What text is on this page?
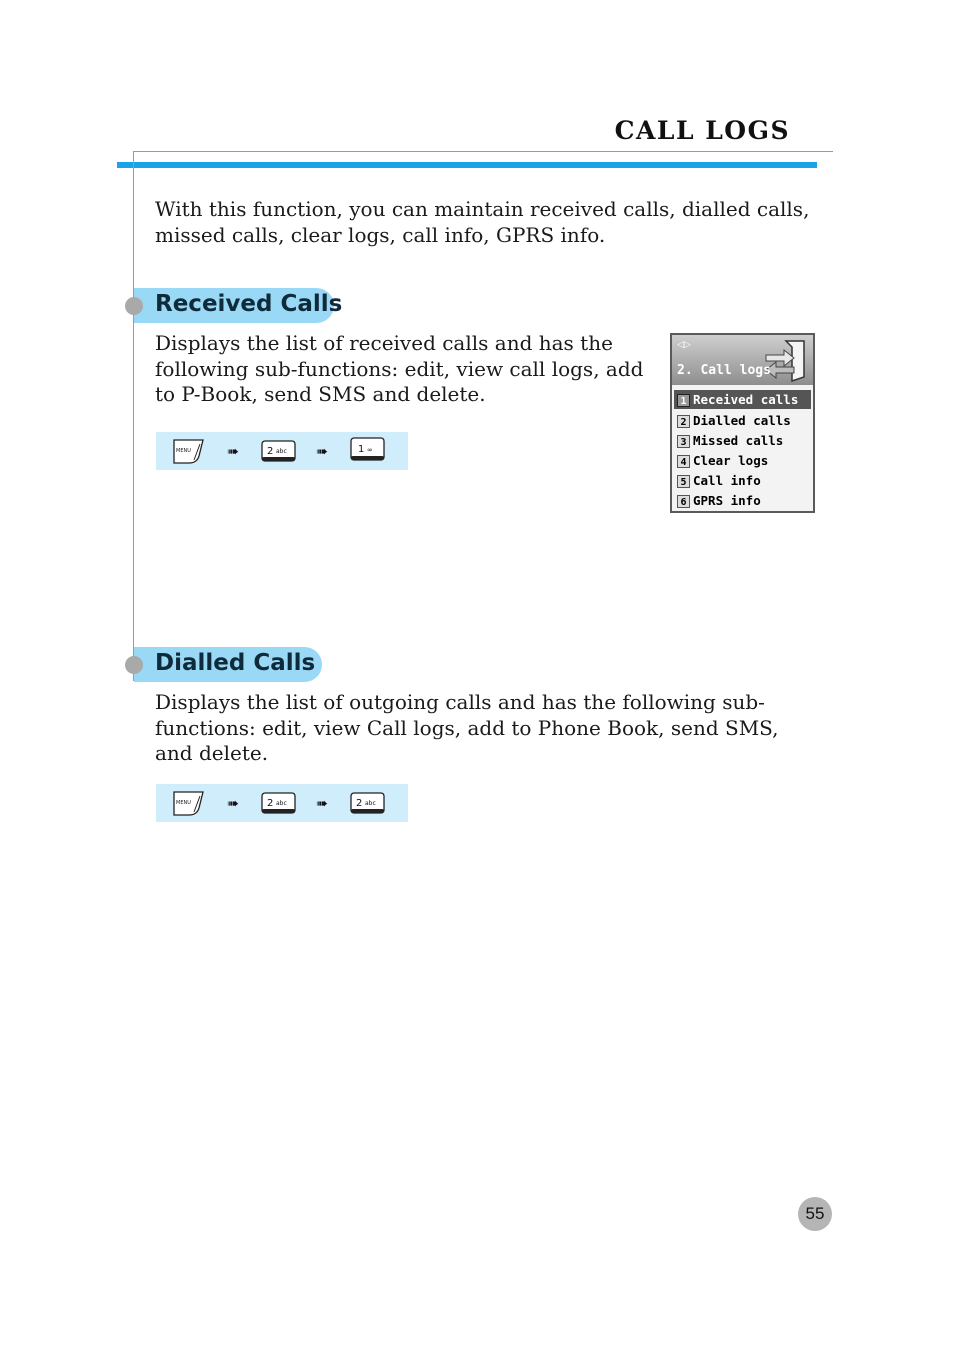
CALL LOGS
With this function, you can maintain received calls, dialled calls, missed calls, clear logs, call info, GPRS info.
Received Calls
Displays the list of received calls and has the following sub-functions: edit, view call logs, add to P-Book, send SMS and delete.
MENU	➠	2 abc ➠	1 ∞
◁▷
2. Call logs
1 Received calls
2 Dialled calls
3 Missed calls
4 Clear logs
5 Call info
6 GPRS info
Dialled Calls
Displays the list of outgoing calls and has the following sub-functions: edit, view Call logs, add to Phone Book, send SMS, and delete.
MENU	➠	2 abc ➠	2 abc
55
